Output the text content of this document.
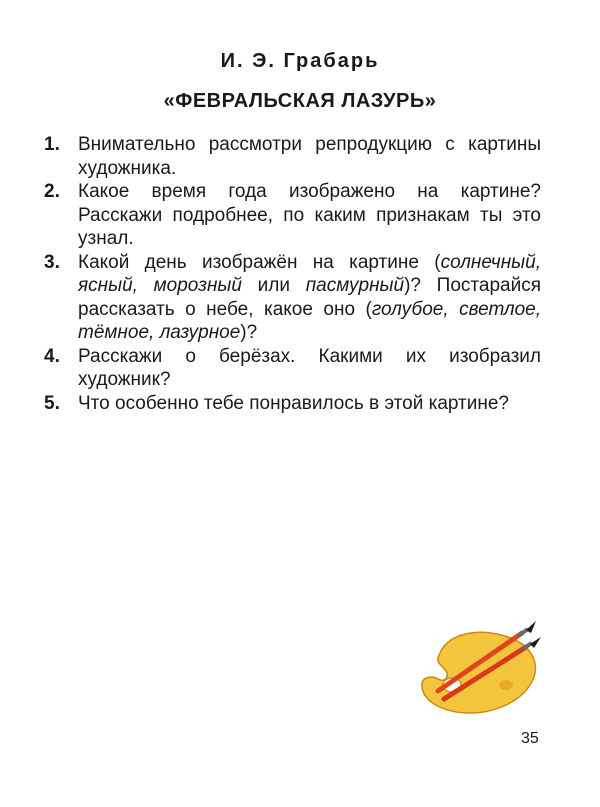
И. Э. Грабарь
«ФЕВРАЛЬСКАЯ ЛАЗУРЬ»
1. Внимательно рассмотри репродукцию с картины художника.
2. Какое время года изображено на картине? Расскажи подробнее, по каким признакам ты это узнал.
3. Какой день изображён на картине (солнечный, ясный, морозный или пасмурный)? Постарайся рассказать о небе, какое оно (голубое, светлое, тёмное, лазурное)?
4. Расскажи о берёзах. Какими их изобразил художник?
5. Что особенно тебе понравилось в этой картине?
35
